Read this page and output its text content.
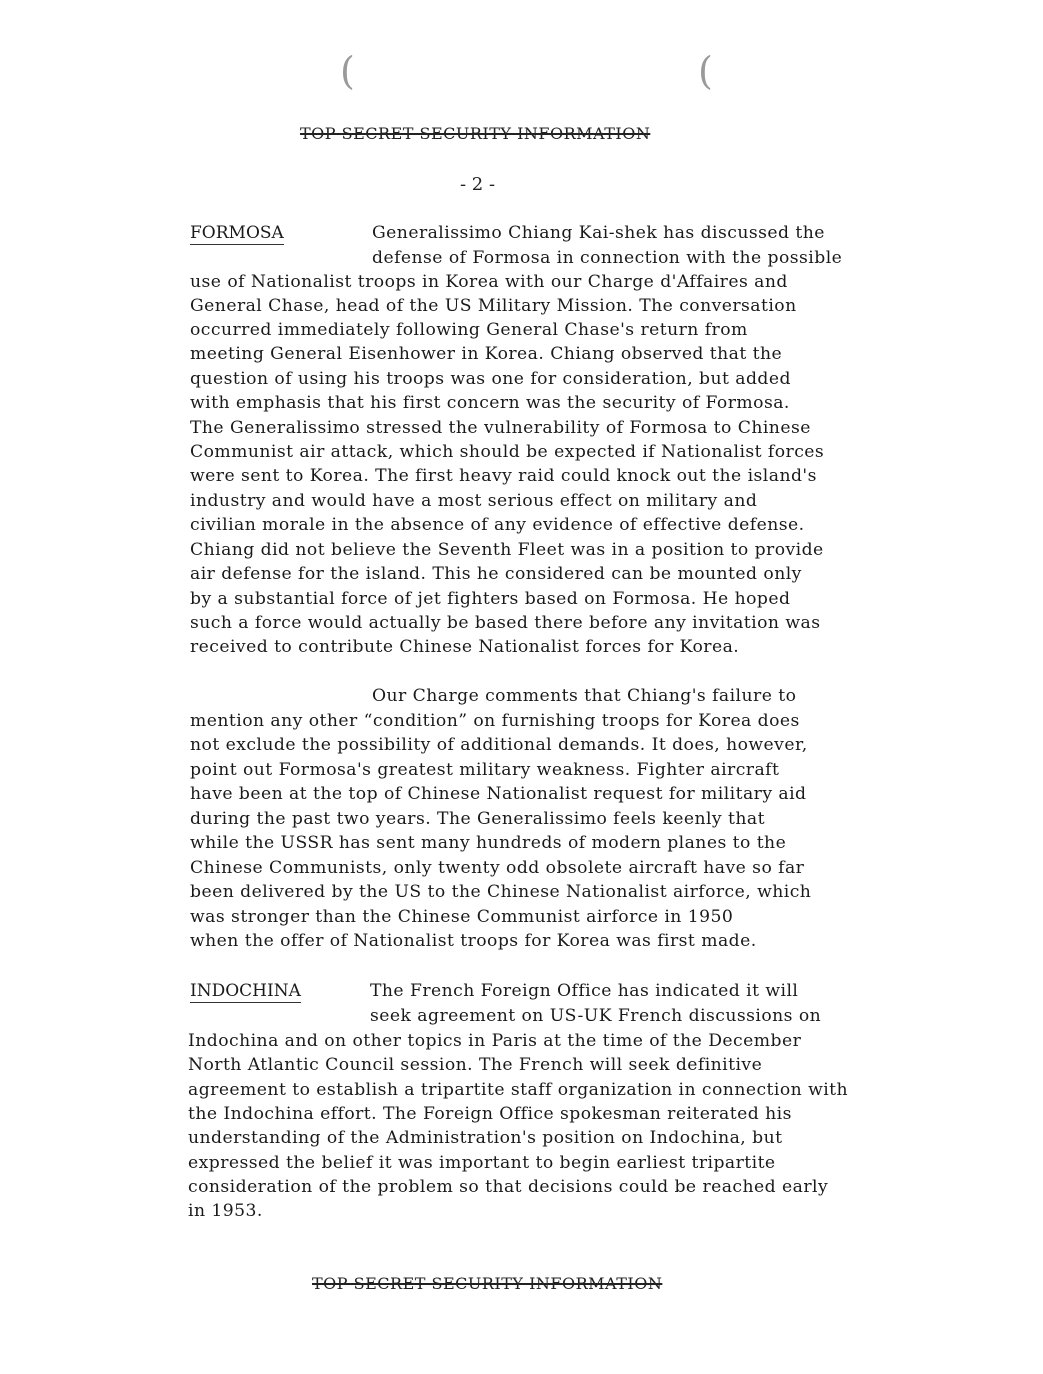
(	(
TOP SECRET SECURITY INFORMATION
- 2 -
FORMOSA	Generalissimo Chiang Kai-shek has discussed the
defense of Formosa in connection with the possible
use of Nationalist troops in Korea with our Charge d'Affaires and
General Chase, head of the US Military Mission. The conversation
occurred immediately following General Chase's return from
meeting General Eisenhower in Korea. Chiang observed that the
question of using his troops was one for consideration, but added
with emphasis that his first concern was the security of Formosa.
The Generalissimo stressed the vulnerability of Formosa to Chinese
Communist air attack, which should be expected if Nationalist forces
were sent to Korea. The first heavy raid could knock out the island's
industry and would have a most serious effect on military and
civilian morale in the absence of any evidence of effective defense.
Chiang did not believe the Seventh Fleet was in a position to provide
air defense for the island. This he considered can be mounted only
by a substantial force of jet fighters based on Formosa. He hoped
such a force would actually be based there before any invitation was
received to contribute Chinese Nationalist forces for Korea.
Our Charge comments that Chiang's failure to
mention any other “condition” on furnishing troops for Korea does
not exclude the possibility of additional demands. It does, however,
point out Formosa's greatest military weakness. Fighter aircraft
have been at the top of Chinese Nationalist request for military aid
during the past two years. The Generalissimo feels keenly that
while the USSR has sent many hundreds of modern planes to the
Chinese Communists, only twenty odd obsolete aircraft have so far
been delivered by the US to the Chinese Nationalist airforce, which
was stronger than the Chinese Communist airforce in 1950
when the offer of Nationalist troops for Korea was first made.
INDOCHINA	The French Foreign Office has indicated it will
seek agreement on US-UK French discussions on
Indochina and on other topics in Paris at the time of the December
North Atlantic Council session. The French will seek definitive
agreement to establish a tripartite staff organization in connection with
the Indochina effort. The Foreign Office spokesman reiterated his
understanding of the Administration's position on Indochina, but
expressed the belief it was important to begin earliest tripartite
consideration of the problem so that decisions could be reached early
in 1953.
TOP SECRET SECURITY INFORMATION
